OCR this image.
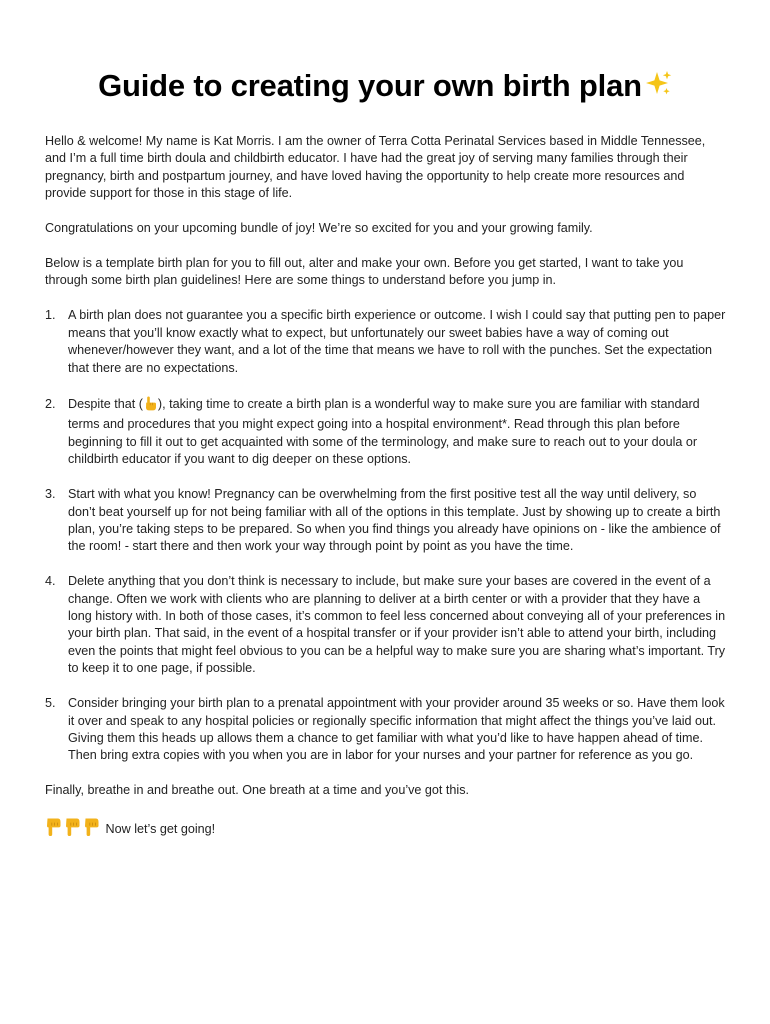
Guide to creating your own birth plan

Hello & welcome! My name is Kat Morris. I am the owner of Terra Cotta Perinatal Services based in Middle Tennessee, and I’m a full time birth doula and childbirth educator. I have had the great joy of serving many families through their pregnancy, birth and postpartum journey, and have loved having the opportunity to help create more resources and provide support for those in this stage of life.

Congratulations on your upcoming bundle of joy! We’re so excited for you and your growing family.

Below is a template birth plan for you to fill out, alter and make your own. Before you get started, I want to take you through some birth plan guidelines! Here are some things to understand before you jump in.

1. A birth plan does not guarantee you a specific birth experience or outcome. I wish I could say that putting pen to paper means that you’ll know exactly what to expect, but unfortunately our sweet babies have a way of coming out whenever/however they want, and a lot of the time that means we have to roll with the punches. Set the expectation that there are no expectations.
2. Despite that ( ), taking time to create a birth plan is a wonderful way to make sure you are familiar with standard terms and procedures that you might expect going into a hospital environment*. Read through this plan before beginning to fill it out to get acquainted with some of the terminology, and make sure to reach out to your doula or childbirth educator if you want to dig deeper on these options.
3. Start with what you know! Pregnancy can be overwhelming from the first positive test all the way until delivery, so don’t beat yourself up for not being familiar with all of the options in this template. Just by showing up to create a birth plan, you’re taking steps to be prepared. So when you find things you already have opinions on - like the ambience of the room! - start there and then work your way through point by point as you have the time.
4. Delete anything that you don’t think is necessary to include, but make sure your bases are covered in the event of a change. Often we work with clients who are planning to deliver at a birth center or with a provider that they have a long history with. In both of those cases, it’s common to feel less concerned about conveying all of your preferences in your birth plan. That said, in the event of a hospital transfer or if your provider isn’t able to attend your birth, including even the points that might feel obvious to you can be a helpful way to make sure you are sharing what’s important. Try to keep it to one page, if possible.
5. Consider bringing your birth plan to a prenatal appointment with your provider around 35 weeks or so. Have them look it over and speak to any hospital policies or regionally specific information that might affect the things you’ve laid out. Giving them this heads up allows them a chance to get familiar with what you’d like to have happen ahead of time. Then bring extra copies with you when you are in labor for your nurses and your partner for reference as you go.

Finally, breathe in and breathe out. One breath at a time and you’ve got this.

Now let’s get going!
